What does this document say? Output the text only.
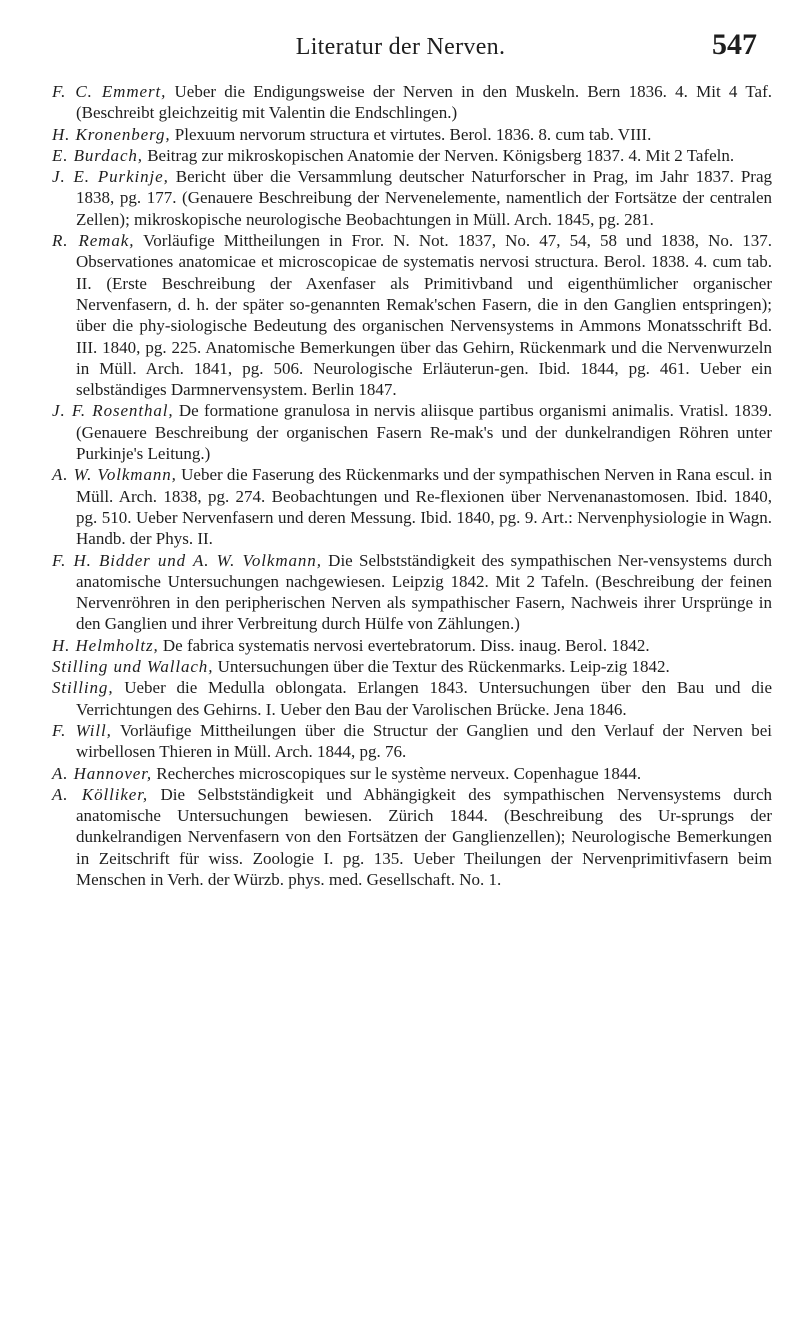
Literatur der Nerven.	547

F. C. Emmert, Ueber die Endigungsweise der Nerven in den Muskeln. Bern 1836. 4. Mit 4 Taf. (Beschreibt gleichzeitig mit Valentin die Endschlingen.)

H. Kronenberg, Plexuum nervorum structura et virtutes. Berol. 1836. 8. cum tab. VIII.

E. Burdach, Beitrag zur mikroskopischen Anatomie der Nerven. Königsberg 1837. 4. Mit 2 Tafeln.

J. E. Purkinje, Bericht über die Versammlung deutscher Naturforscher in Prag, im Jahr 1837. Prag 1838, pg. 177. (Genauere Beschreibung der Nervenelemente, namentlich der Fortsätze der centralen Zellen); mikroskopische neurologische Beobachtungen in Müll. Arch. 1845, pg. 281.

R. Remak, Vorläufige Mittheilungen in Fror. N. Not. 1837, No. 47, 54, 58 und 1838, No. 137. Observationes anatomicae et microscopicae de systematis nervosi structura. Berol. 1838. 4. cum tab. II. (Erste Beschreibung der Axenfaser als Primitivband und eigenthümlicher organischer Nervenfasern, d. h. der später so-genannten Remak'schen Fasern, die in den Ganglien entspringen); über die phy-siologische Bedeutung des organischen Nervensystems in Ammons Monatsschrift Bd. III. 1840, pg. 225. Anatomische Bemerkungen über das Gehirn, Rückenmark und die Nervenwurzeln in Müll. Arch. 1841, pg. 506. Neurologische Erläuterun-gen. Ibid. 1844, pg. 461. Ueber ein selbständiges Darmnervensystem. Berlin 1847.

J. F. Rosenthal, De formatione granulosa in nervis aliisque partibus organismi animalis. Vratisl. 1839. (Genauere Beschreibung der organischen Fasern Re-mak's und der dunkelrandigen Röhren unter Purkinje's Leitung.)

A. W. Volkmann, Ueber die Faserung des Rückenmarks und der sympathischen Nerven in Rana escul. in Müll. Arch. 1838, pg. 274. Beobachtungen und Re-flexionen über Nervenanastomosen. Ibid. 1840, pg. 510. Ueber Nervenfasern und deren Messung. Ibid. 1840, pg. 9. Art.: Nervenphysiologie in Wagn. Handb. der Phys. II.

F. H. Bidder und A. W. Volkmann, Die Selbstständigkeit des sympathischen Ner-vensystems durch anatomische Untersuchungen nachgewiesen. Leipzig 1842. Mit 2 Tafeln. (Beschreibung der feinen Nervenröhren in den peripherischen Nerven als sympathischer Fasern, Nachweis ihrer Ursprünge in den Ganglien und ihrer Verbreitung durch Hülfe von Zählungen.)

H. Helmholtz, De fabrica systematis nervosi evertebratorum. Diss. inaug. Berol. 1842.

Stilling und Wallach, Untersuchungen über die Textur des Rückenmarks. Leip-zig 1842.

Stilling, Ueber die Medulla oblongata. Erlangen 1843. Untersuchungen über den Bau und die Verrichtungen des Gehirns. I. Ueber den Bau der Varolischen Brücke. Jena 1846.

F. Will, Vorläufige Mittheilungen über die Structur der Ganglien und den Verlauf der Nerven bei wirbellosen Thieren in Müll. Arch. 1844, pg. 76.

A. Hannover, Recherches microscopiques sur le système nerveux. Copenhague 1844.

A. Kölliker, Die Selbstständigkeit und Abhängigkeit des sympathischen Nervensystems durch anatomische Untersuchungen bewiesen. Zürich 1844. (Beschreibung des Ur-sprungs der dunkelrandigen Nervenfasern von den Fortsätzen der Ganglienzellen); Neurologische Bemerkungen in Zeitschrift für wiss. Zoologie I. pg. 135. Ueber Theilungen der Nervenprimitivfasern beim Menschen in Verh. der Würzb. phys. med. Gesellschaft. No. 1.
